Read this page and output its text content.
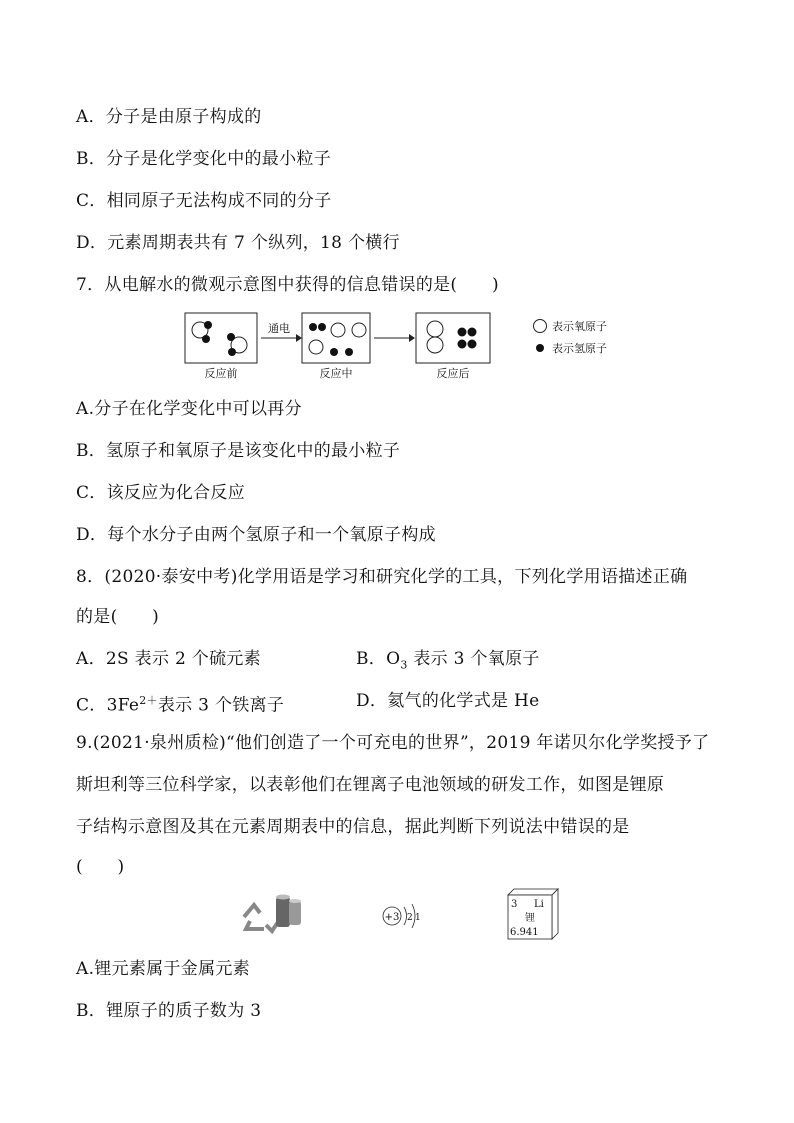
A．分子是由原子构成的
B．分子是化学变化中的最小粒子
C．相同原子无法构成不同的分子
D．元素周期表共有 7 个纵列，18 个横行
7．从电解水的微观示意图中获得的信息错误的是(　　)
反应前
通电
反应中	反应后
表示氧原子
表示氢原子
A.分子在化学变化中可以再分
B．氢原子和氧原子是该变化中的最小粒子
C．该反应为化合反应
D．每个水分子由两个氢原子和一个氧原子构成
8．(2020·泰安中考)化学用语是学习和研究化学的工具，下列化学用语描述正确
的是(　　)
A．2S 表示 2 个硫元素	B．$O_3$ 表示 3 个氧原子
C．$3Fe^{2+}$表示 3 个铁离子	D．氦气的化学式是 He
9.(2021·泉州质检)“他们创造了一个可充电的世界”，2019 年诺贝尔化学奖授予了
斯坦利等三位科学家，以表彰他们在锂离子电池领域的研发工作，如图是锂原
子结构示意图及其在元素周期表中的信息，据此判断下列说法中错误的是
(　　)
+3 2 1
3 Li
锂
6.941
A.锂元素属于金属元素
B．锂原子的质子数为 3
